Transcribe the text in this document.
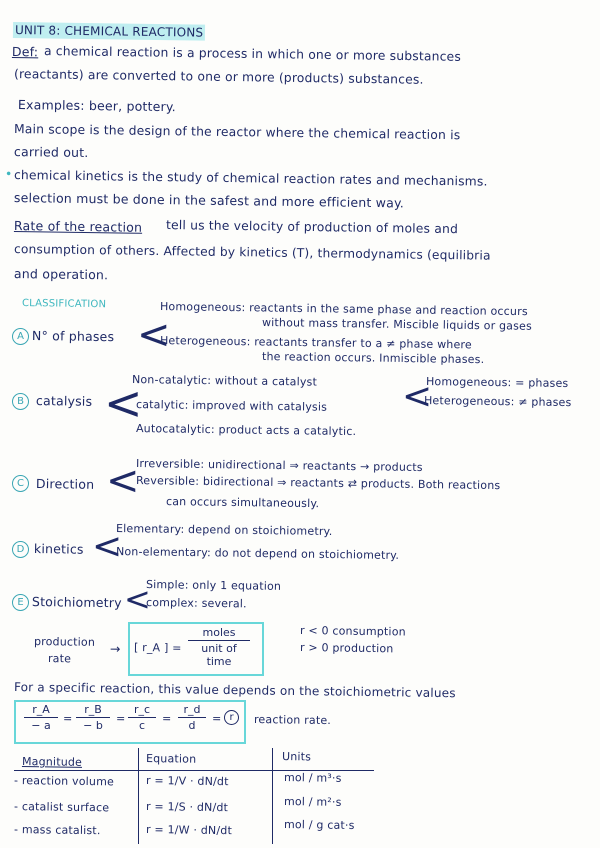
UNIT 8: CHEMICAL REACTIONS
Def: a chemical reaction is a process in which one or more substances
(reactants) are converted to one or more (products) substances.
Examples: beer, pottery.
Main scope is the design of the reactor where the chemical reaction is
carried out.
• chemical kinetics is the study of chemical reaction rates and mechanisms.
selection must be done in the safest and more efficient way.
Rate of the reaction tell us the velocity of production of moles and
consumption of others. Affected by kinetics (T), thermodynamics (equilibria
and operation.
CLASSIFICATION
A N° of phases <
Homogeneous: reactants in the same phase and reaction occurs
without mass transfer. Miscible liquids or gases
Heterogeneous: reactants transfer to a ≠ phase where
the reaction occurs. Inmiscible phases.
B catalysis <
Non-catalytic: without a catalyst
catalytic: improved with catalysis
Autocatalytic: product acts a catalytic.
<
Homogeneous: = phases
Heterogeneous: ≠ phases
C Direction <
Irreversible: unidirectional ⇒ reactants → products
Reversible: bidirectional ⇒ reactants ⇄ products. Both reactions
can occurs simultaneously.
D kinetics <
Elementary: depend on stoichiometry.
Non-elementary: do not depend on stoichiometry.
E Stoichiometry <
Simple: only 1 equation
complex: several.
production
rate
→ [ r_A ] =
moles
unit of
time
r < 0 consumption
r > 0 production
For a specific reaction, this value depends on the stoichiometric values
r_A
− a
=
r_B
− b
=
r_c
c
=
r_d
d
= r	reaction rate.
Magnitude	Equation	Units
- reaction volume	r = 1/V · dN/dt	mol / m³·s
- catalist surface	r = 1/S · dN/dt	mol / m²·s
- mass catalist.	r = 1/W · dN/dt	mol / g cat·s
